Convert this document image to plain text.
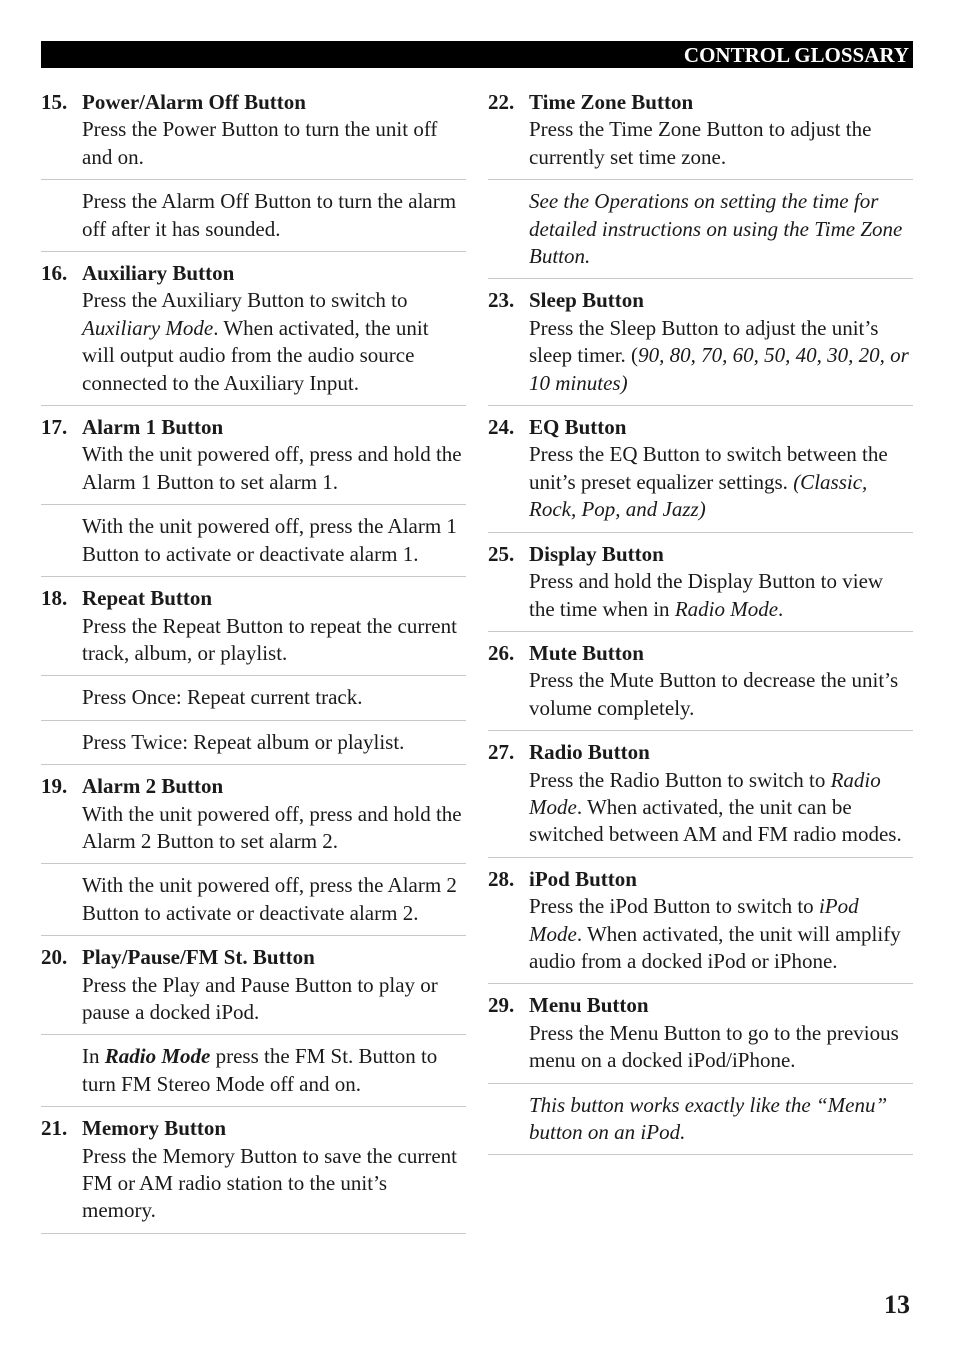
CONTROL GLOSSARY
15. Power/Alarm Off Button
Press the Power Button to turn the unit off and on.
Press the Alarm Off Button to turn the alarm off after it has sounded.
16. Auxiliary Button
Press the Auxiliary Button to switch to Auxiliary Mode. When activated, the unit will output audio from the audio source connected to the Auxiliary Input.
17. Alarm 1 Button
With the unit powered off, press and hold the Alarm 1 Button to set alarm 1.
With the unit powered off, press the Alarm 1 Button to activate or deactivate alarm 1.
18. Repeat Button
Press the Repeat Button to repeat the current track, album, or playlist.
Press Once: Repeat current track.
Press Twice: Repeat album or playlist.
19. Alarm 2 Button
With the unit powered off, press and hold the Alarm 2 Button to set alarm 2.
With the unit powered off, press the Alarm 2 Button to activate or deactivate alarm 2.
20. Play/Pause/FM St. Button
Press the Play and Pause Button to play or pause a docked iPod.
In Radio Mode press the FM St. Button to turn FM Stereo Mode off and on.
21. Memory Button
Press the Memory Button to save the current FM or AM radio station to the unit’s memory.
22. Time Zone Button
Press the Time Zone Button to adjust the currently set time zone.
See the Operations on setting the time for detailed instructions on using the Time Zone Button.
23. Sleep Button
Press the Sleep Button to adjust the unit’s sleep timer. (90, 80, 70, 60, 50, 40, 30, 20, or 10 minutes)
24. EQ Button
Press the EQ Button to switch between the unit’s preset equalizer settings. (Classic, Rock, Pop, and Jazz)
25. Display Button
Press and hold the Display Button to view the time when in Radio Mode.
26. Mute Button
Press the Mute Button to decrease the unit’s volume completely.
27. Radio Button
Press the Radio Button to switch to Radio Mode. When activated, the unit can be switched between AM and FM radio modes.
28. iPod Button
Press the iPod Button to switch to iPod Mode. When activated, the unit will amplify audio from a docked iPod or iPhone.
29. Menu Button
Press the Menu Button to go to the previous menu on a docked iPod/iPhone.
This button works exactly like the “Menu” button on an iPod.
13
